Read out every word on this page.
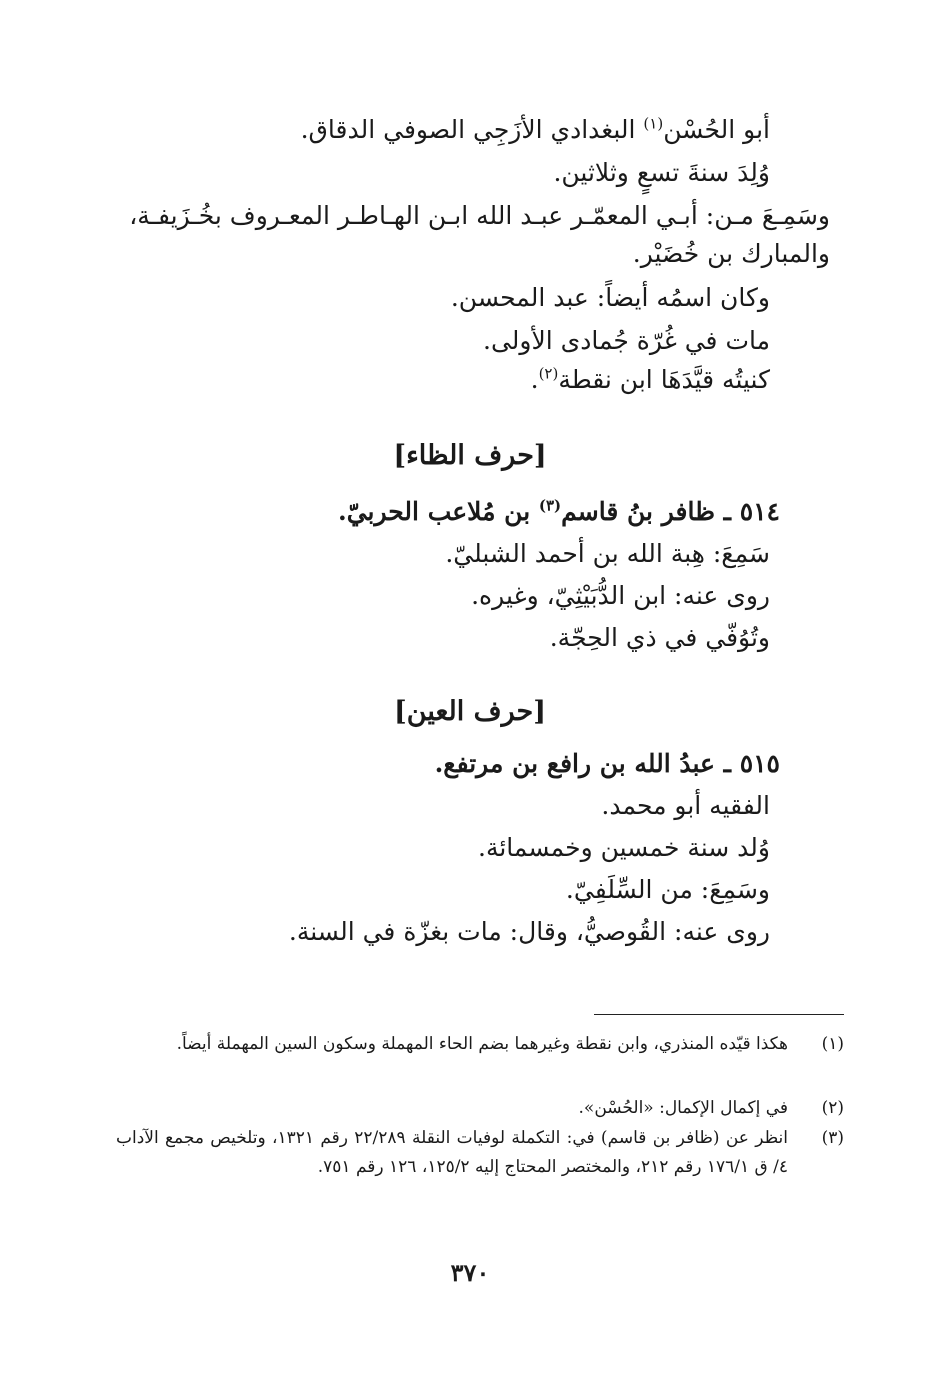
أبو الحُسْن$^{(١)}$ البغدادي الأزَجِي الصوفي الدقاق.
وُلِدَ سنةَ تسعٍ وثلاثين.
وسَمِـعَ مـن: أبـي المعمّـر عبـد الله ابـن الهـاطـر المعـروف بخُـزَيفـة،
والمبارك بن خُضَيْر.
وكان اسمُه أيضاً: عبد المحسن.
مات في غُرّة جُمادى الأولى.
كنيتُه قيَّدَهَا ابن نقطة$^{(٢)}$.
[حرف الظاء]
٥١٤ ـ ظافر بنُ قاسم$^{(٣)}$ بن مُلاعب الحربيّ.
سَمِعَ: هِبة الله بن أحمد الشبليّ.
روى عنه: ابن الدُّبَيْثِيّ، وغيره.
وتُوُفّي في ذي الحِجّة.
[حرف العين]
٥١٥ ـ عبدُ الله بن رافع بن مرتفع.
الفقيه أبو محمد.
وُلد سنة خمسين وخمسمائة.
وسَمِعَ: من السِّلَفِيّ.
روى عنه: القُوصيُّ، وقال: مات بغزّة في السنة.
(١)
هكذا قيّده المنذري، وابن نقطة وغيرهما بضم الحاء المهملة وسكون السين المهملة أيضاً.
(٢)
في إكمال الإكمال: «الحُسْن».
(٣)
انظر عن (ظافر بن قاسم) في: التكملة لوفيات النقلة ٢٢/٢٨٩ رقم ١٣٢١، وتلخيص مجمع الآداب ٤/ ق ١٧٦/١ رقم ٢١٢، والمختصر المحتاج إليه ١٢٥/٢، ١٢٦ رقم ٧٥١.
٣٧٠
